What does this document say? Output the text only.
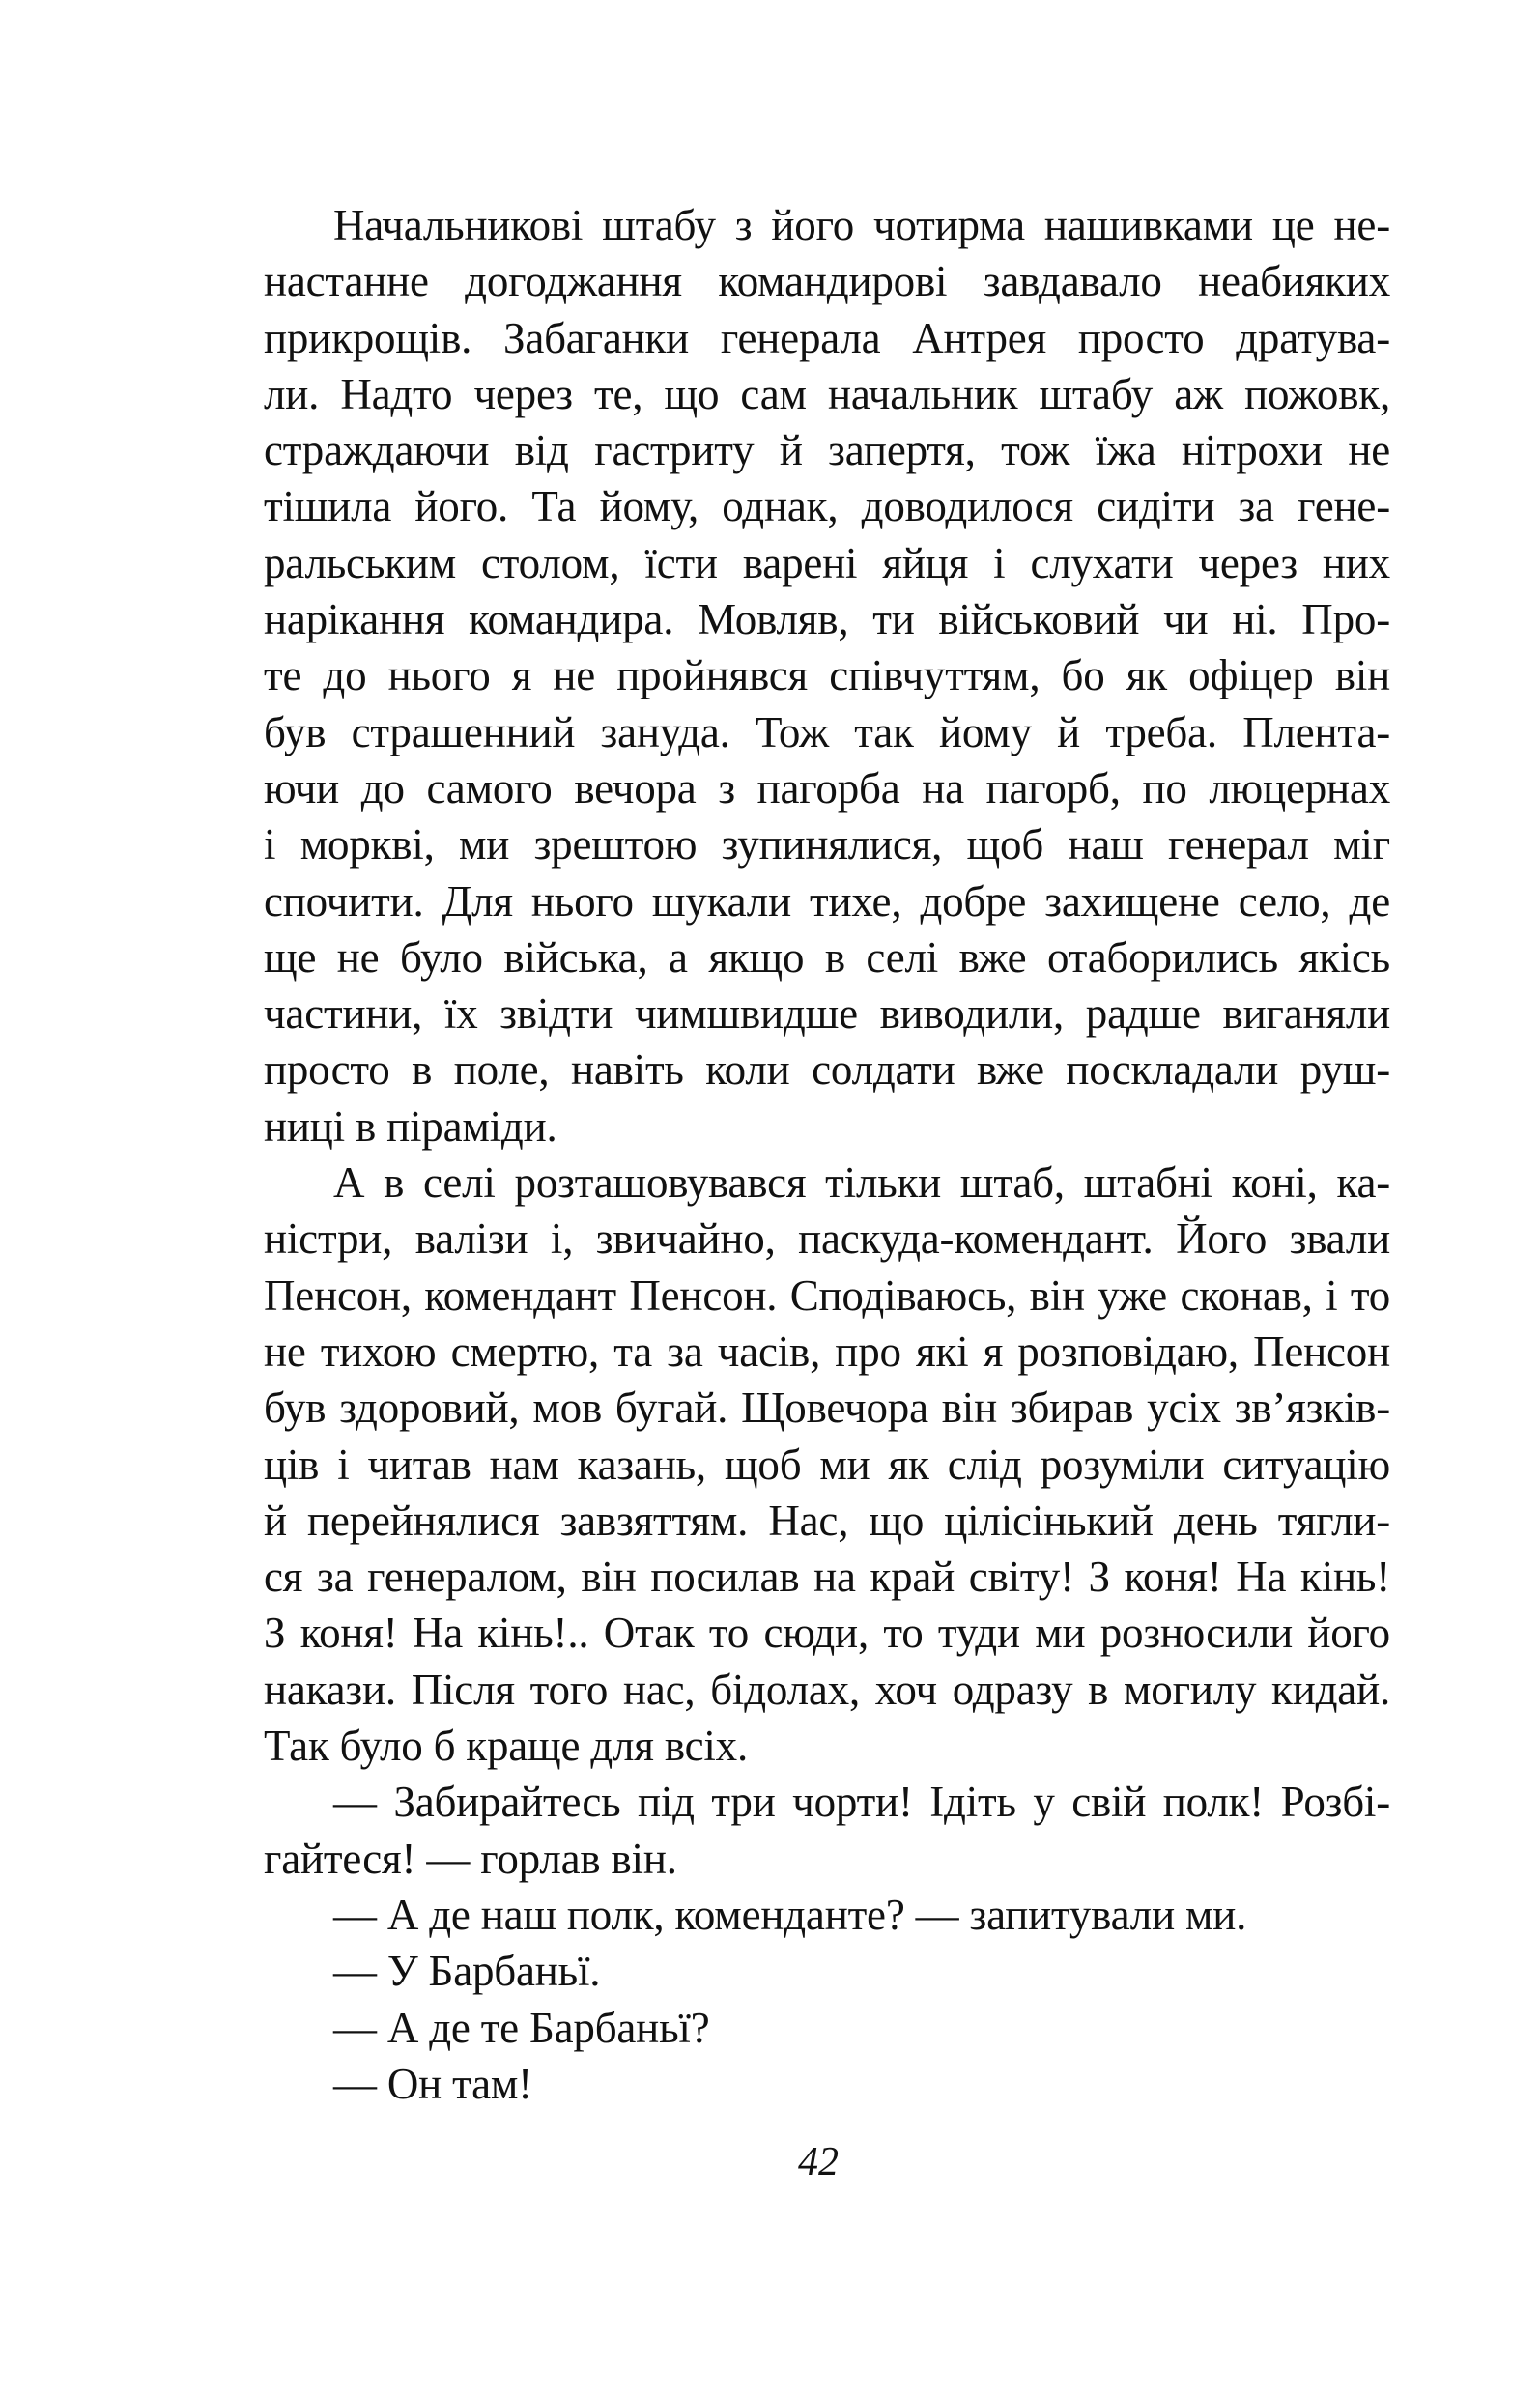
Начальникові штабу з його чотирма нашивками це не-
настанне догоджання командирові завдавало неабияких
прикрощів. Забаганки генерала Антрея просто дратува-
ли. Надто через те, що сам начальник штабу аж пожовк,
страждаючи від гастриту й запертя, тож їжа нітрохи не
тішила його. Та йому, однак, доводилося сидіти за гене-
ральським столом, їсти варені яйця і слухати через них
нарікання командира. Мовляв, ти військовий чи ні. Про-
те до нього я не пройнявся співчуттям, бо як офіцер він
був страшенний зануда. Тож так йому й треба. Плента-
ючи до самого вечора з пагорба на пагорб, по люцернах
і моркві, ми зрештою зупинялися, щоб наш генерал міг
спочити. Для нього шукали тихе, добре захищене село, де
ще не було війська, а якщо в селі вже отаборились якісь
частини, їх звідти чимшвидше виводили, радше виганяли
просто в поле, навіть коли солдати вже поскладали руш-
ниці в піраміди.
А в селі розташовувався тільки штаб, штабні коні, ка-
ністри, валізи і, звичайно, паскуда-комендант. Його звали
Пенсон, комендант Пенсон. Сподіваюсь, він уже сконав, і то
не тихою смертю, та за часів, про які я розповідаю, Пенсон
був здоровий, мов бугай. Щовечора він збирав усіх зв’язків-
ців і читав нам казань, щоб ми як слід розуміли ситуацію
й перейнялися завзяттям. Нас, що цілісінький день тягли-
ся за генералом, він посилав на край світу! З коня! На кінь!
З коня! На кінь!.. Отак то сюди, то туди ми розносили його
накази. Після того нас, бідолах, хоч одразу в могилу кидай.
Так було б краще для всіх.
— Забирайтесь під три чорти! Ідіть у свій полк! Розбі-
гайтеся! — горлав він.
— А де наш полк, коменданте? — запитували ми.
— У Барбаньї.
— А де те Барбаньї?
— Он там!
42
